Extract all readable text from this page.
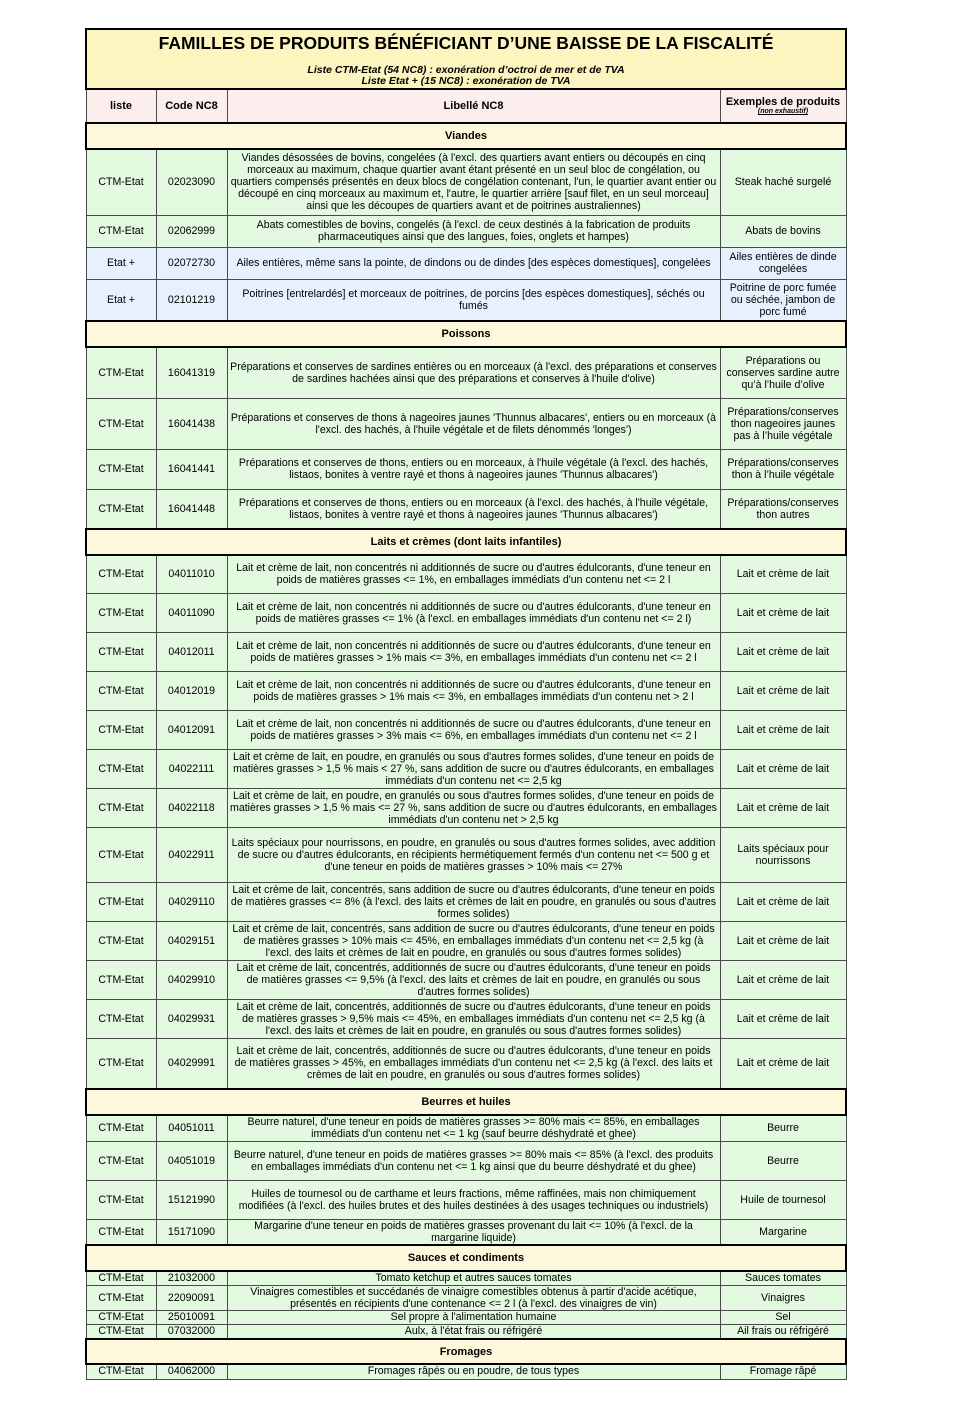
FAMILLES DE PRODUITS BÉNÉFICIANT D’UNE BAISSE DE LA FISCALITÉ
Liste CTM-Etat (54 NC8) : exonération d’octroi de mer et de TVA
Liste Etat + (15 NC8) : exonération de TVA			

liste	Code NC8	Libellé NC8	Exemples de produits
(non exhaustif)

Viandes			
CTM-Etat	02023090	Viandes désossées de bovins, congelées (à l'excl. des quartiers avant entiers ou découpés en cinq morceaux au maximum, chaque quartier avant étant présenté en un seul bloc de congélation, ou quartiers compensés présentés en deux blocs de congélation contenant, l'un, le quartier avant entier ou découpé en cinq morceaux au maximum et, l'autre, le quartier arrière [sauf filet, en un seul morceau] ainsi que les découpes de quartiers avant et de poitrines australiennes)	Steak haché surgelé
CTM-Etat	02062999	Abats comestibles de bovins, congelés (à l'excl. de ceux destinés à la fabrication de produits pharmaceutiques ainsi que des langues, foies, onglets et hampes)	Abats de bovins
Etat +	02072730	Ailes entières, même sans la pointe, de dindons ou de dindes [des espèces domestiques], congelées	Ailes entières de dinde congelées
Etat +	02101219	Poitrines [entrelardés] et morceaux de poitrines, de porcins [des espèces domestiques], séchés ou fumés	Poitrine de porc fumée ou séchée, jambon de porc fumé
Poissons			
CTM-Etat	16041319	Préparations et conserves de sardines entières ou en morceaux (à l'excl. des préparations et conserves de sardines hachées ainsi que des préparations et conserves à l'huile d'olive)	Préparations ou conserves sardine autre qu’à l’huile d’olive
CTM-Etat	16041438	Préparations et conserves de thons à nageoires jaunes 'Thunnus albacares', entiers ou en morceaux (à l'excl. des hachés, à l'huile végétale et de filets dénommés 'longes')	Préparations/conserves thon nageoires jaunes pas à l’huile végétale
CTM-Etat	16041441	Préparations et conserves de thons, entiers ou en morceaux, à l'huile végétale (à l'excl. des hachés, listaos, bonites à ventre rayé et thons à nageoires jaunes 'Thunnus albacares')	Préparations/conserves thon à l’huile végétale
CTM-Etat	16041448	Préparations et conserves de thons, entiers ou en morceaux (à l'excl. des hachés, à l'huile végétale, listaos, bonites à ventre rayé et thons à nageoires jaunes 'Thunnus albacares')	Préparations/conserves thon autres
Laits et crèmes (dont laits infantiles)			
CTM-Etat	04011010	Lait et crème de lait, non concentrés ni additionnés de sucre ou d'autres édulcorants, d'une teneur en poids de matières grasses <= 1%, en emballages immédiats d'un contenu net <= 2 l	Lait et crème de lait
CTM-Etat	04011090	Lait et crème de lait, non concentrés ni additionnés de sucre ou d'autres édulcorants, d'une teneur en poids de matières grasses <= 1% (à l'excl. en emballages immédiats d'un contenu net <= 2 l)	Lait et crème de lait
CTM-Etat	04012011	Lait et crème de lait, non concentrés ni additionnés de sucre ou d'autres édulcorants, d'une teneur en poids de matières grasses > 1% mais <= 3%, en emballages immédiats d'un contenu net <= 2 l	Lait et crème de lait
CTM-Etat	04012019	Lait et crème de lait, non concentrés ni additionnés de sucre ou d'autres édulcorants, d'une teneur en poids de matières grasses > 1% mais <= 3%, en emballages immédiats d'un contenu net > 2 l	Lait et crème de lait
CTM-Etat	04012091	Lait et crème de lait, non concentrés ni additionnés de sucre ou d'autres édulcorants, d'une teneur en poids de matières grasses > 3% mais <= 6%, en emballages immédiats d'un contenu net <= 2 l	Lait et crème de lait
CTM-Etat	04022111	Lait et crème de lait, en poudre, en granulés ou sous d'autres formes solides, d'une teneur en poids de matières grasses > 1,5 % mais < 27 %, sans addition de sucre ou d'autres édulcorants, en emballages immédiats d'un contenu net <= 2,5 kg	Lait et crème de lait
CTM-Etat	04022118	Lait et crème de lait, en poudre, en granulés ou sous d'autres formes solides, d'une teneur en poids de matières grasses > 1,5 % mais <= 27 %, sans addition de sucre ou d'autres édulcorants, en emballages immédiats d'un contenu net > 2,5 kg	Lait et crème de lait
CTM-Etat	04022911	Laits spéciaux pour nourrissons, en poudre, en granulés ou sous d'autres formes solides, avec addition de sucre ou d'autres édulcorants, en récipients hermétiquement fermés d'un contenu net <= 500 g et d'une teneur en poids de matières grasses > 10% mais <= 27%	Laits spéciaux pour nourrissons
CTM-Etat	04029110	Lait et crème de lait, concentrés, sans addition de sucre ou d'autres édulcorants, d'une teneur en poids de matières grasses <= 8% (à l'excl. des laits et crèmes de lait en poudre, en granulés ou sous d'autres formes solides)	Lait et crème de lait
CTM-Etat	04029151	Lait et crème de lait, concentrés, sans addition de sucre ou d'autres édulcorants, d'une teneur en poids de matières grasses > 10% mais <= 45%, en emballages immédiats d'un contenu net <= 2,5 kg (à l'excl. des laits et crèmes de lait en poudre, en granulés ou sous d'autres formes solides)	Lait et crème de lait
CTM-Etat	04029910	Lait et crème de lait, concentrés, additionnés de sucre ou d'autres édulcorants, d'une teneur en poids de matières grasses <= 9,5% (à l'excl. des laits et crèmes de lait en poudre, en granulés ou sous d'autres formes solides)	Lait et crème de lait
CTM-Etat	04029931	Lait et crème de lait, concentrés, additionnés de sucre ou d'autres édulcorants, d'une teneur en poids de matières grasses > 9,5% mais <= 45%, en emballages immédiats d'un contenu net <= 2,5 kg (à l'excl. des laits et crèmes de lait en poudre, en granulés ou sous d'autres formes solides)	Lait et crème de lait
CTM-Etat	04029991	Lait et crème de lait, concentrés, additionnés de sucre ou d'autres édulcorants, d'une teneur en poids de matières grasses > 45%, en emballages immédiats d'un contenu net <= 2,5 kg (à l'excl. des laits et crèmes de lait en poudre, en granulés ou sous d'autres formes solides)	Lait et crème de lait
Beurres et huiles			
CTM-Etat	04051011	Beurre naturel, d'une teneur en poids de matières grasses >= 80% mais <= 85%, en emballages immédiats d'un contenu net <= 1 kg (sauf beurre déshydraté et ghee)	Beurre
CTM-Etat	04051019	Beurre naturel, d'une teneur en poids de matières grasses >= 80% mais <= 85% (à l'excl. des produits en emballages immédiats d'un contenu net <= 1 kg ainsi que du beurre déshydraté et du ghee)	Beurre
CTM-Etat	15121990	Huiles de tournesol ou de carthame et leurs fractions, même raffinées, mais non chimiquement modifiées (à l'excl. des huiles brutes et des huiles destinées à des usages techniques ou industriels)	Huile de tournesol
CTM-Etat	15171090	Margarine d'une teneur en poids de matières grasses provenant du lait <= 10% (à l'excl. de la margarine liquide)	Margarine
Sauces et condiments			
CTM-Etat	21032000	Tomato ketchup et autres sauces tomates	Sauces tomates
CTM-Etat	22090091	Vinaigres comestibles et succédanés de vinaigre comestibles obtenus à partir d'acide acétique, présentés en récipients d'une contenance <= 2 l (à l'excl. des vinaigres de vin)	Vinaigres
CTM-Etat	25010091	Sel propre à l'alimentation humaine	Sel
CTM-Etat	07032000	Aulx, à l'état frais ou réfrigéré	Ail frais ou réfrigéré
Fromages			
CTM-Etat	04062000	Fromages râpés ou en poudre, de tous types	Fromage râpé
